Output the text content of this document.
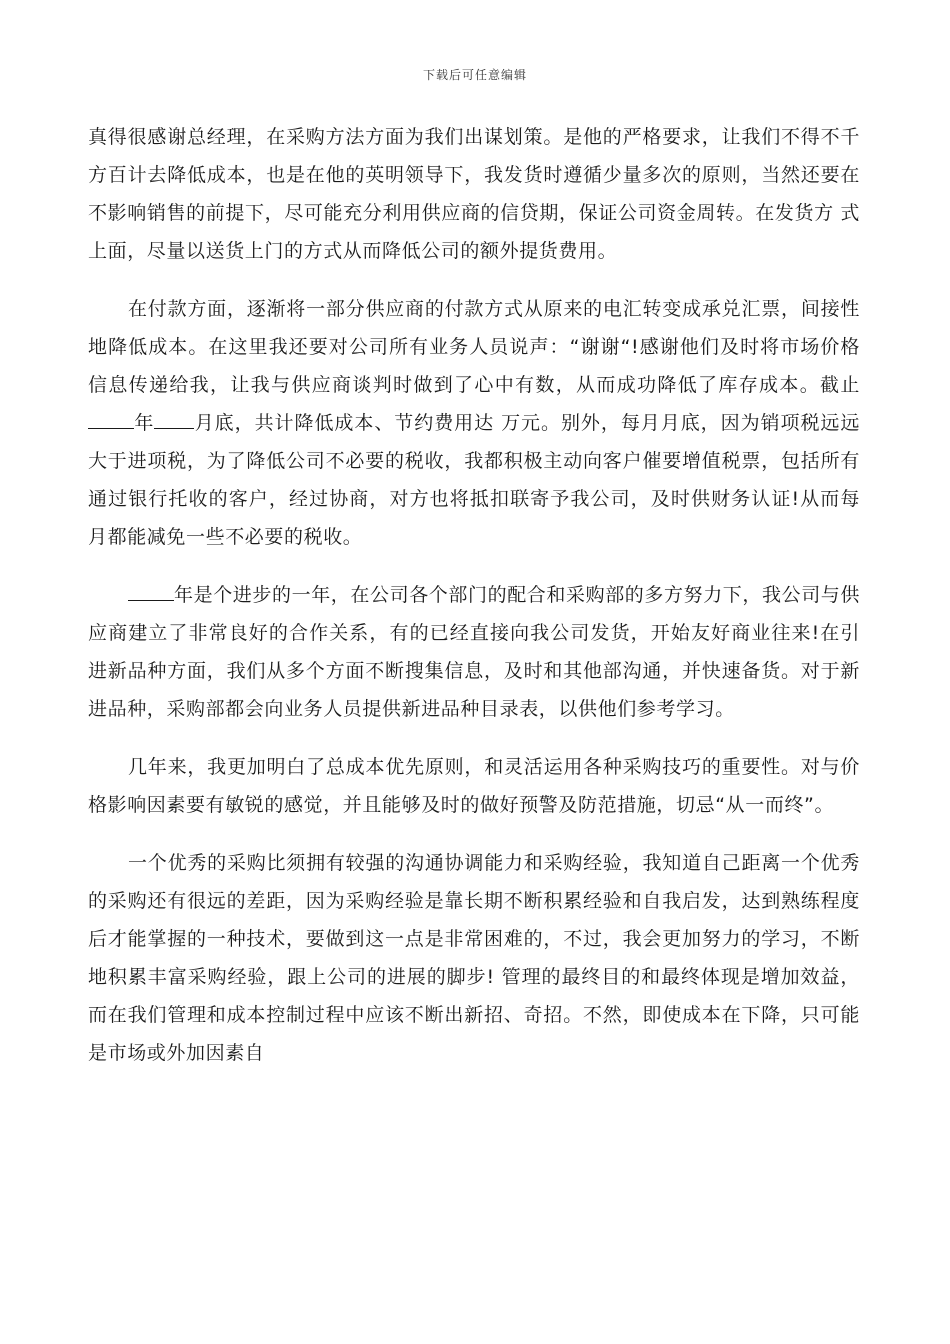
下载后可任意编辑

真得很感谢总经理，在采购方法方面为我们出谋划策。是他的严格要求，让我们不得不千方百计去降低成本，也是在他的英明领导下，我发货时遵循少量多次的原则，当然还要在不影响销售的前提下，尽可能充分利用供应商的信贷期，保证公司资金周转。在发货方 式上面，尽量以送货上门的方式从而降低公司的额外提货费用。

在付款方面，逐渐将一部分供应商的付款方式从原来的电汇转变成承兑汇票，间接性地降低成本。在这里我还要对公司所有业务人员说声：“谢谢“!感谢他们及时将市场价格信息传递给我，让我与供应商谈判时做到了心中有数，从而成功降低了库存成本。截止年 月底，共计降低成本、节约费用达 万元。别外，每月月底，因为销项税远远大于进项税，为了降低公司不必要的税收，我都积极主动向客户催要增值税票，包括所有通过银行托收的客户，经过协商，对方也将抵扣联寄予我公司，及时供财务认证!从而每月都能减免一些不必要的税收。

年是个进步的一年，在公司各个部门的配合和采购部的多方努力下，我公司与供应商建立了非常良好的合作关系，有的已经直接向我公司发货，开始友好商业往来!在引进新品种方面，我们从多个方面不断搜集信息，及时和其他部沟通，并快速备货。对于新进品种，采购部都会向业务人员提供新进品种目录表，以供他们参考学习。

几年来，我更加明白了总成本优先原则，和灵活运用各种采购技巧的重要性。对与价格影响因素要有敏锐的感觉，并且能够及时的做好预警及防范措施，切忌“从一而终”。

一个优秀的采购比须拥有较强的沟通协调能力和采购经验，我知道自己距离一个优秀的采购还有很远的差距，因为采购经验是靠长期不断积累经验和自我启发，达到熟练程度后才能掌握的一种技术，要做到这一点是非常困难的，不过，我会更加努力的学习，不断地积累丰富采购经验，跟上公司的进展的脚步! 管理的最终目的和最终体现是增加效益，而在我们管理和成本控制过程中应该不断出新招、奇招。不然，即使成本在下降，只可能是市场或外加因素自
